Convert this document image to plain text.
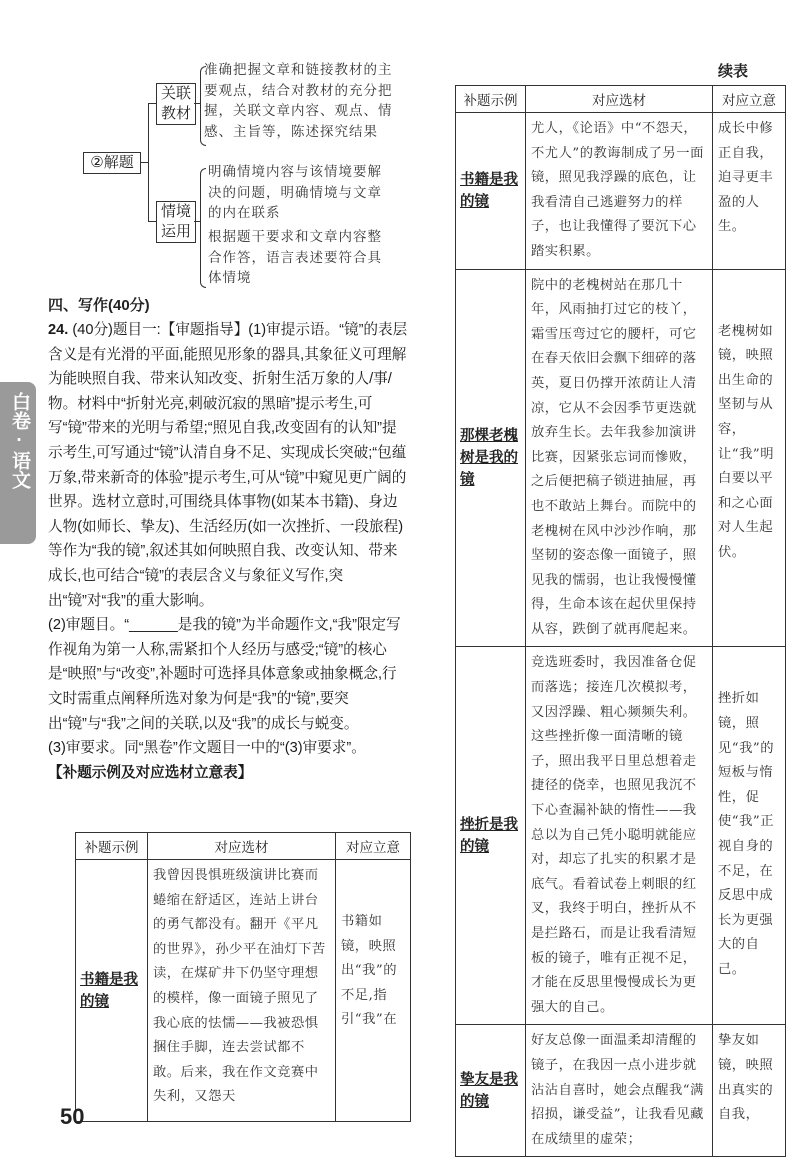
②解题
关联教材
情境运用
准确把握文章和链接教材的主要观点，结合对教材的充分把握，关联文章内容、观点、情感、主旨等，陈述探究结果
明确情境内容与该情境要解决的问题，明确情境与文章的内在联系
根据题干要求和文章内容整合作答，语言表述要符合具体情境
四、写作(40分)

24. (40分)题目一:【审题指导】(1)审提示语。“镜”的表层含义是有光滑的平面,能照见形象的器具,其象征义可理解为能映照自我、带来认知改变、折射生活万象的人/事/物。材料中“折射光亮,刺破沉寂的黑暗”提示考生,可写“镜”带来的光明与希望;“照见自我,改变固有的认知”提示考生,可写通过“镜”认清自身不足、实现成长突破;“包蕴万象,带来新奇的体验”提示考生,可从“镜”中窥见更广阔的世界。选材立意时,可围绕具体事物(如某本书籍)、身边人物(如师长、挚友)、生活经历(如一次挫折、一段旅程)等作为“我的镜”,叙述其如何映照自我、改变认知、带来成长,也可结合“镜”的表层含义与象征义写作,突出“镜”对“我”的重大影响。

(2)审题目。“______是我的镜”为半命题作文,“我”限定写作视角为第一人称,需紧扣个人经历与感受;“镜”的核心是“映照”与“改变”,补题时可选择具体意象或抽象概念,行文时需重点阐释所选对象为何是“我”的“镜”,要突出“镜”与“我”之间的关联,以及“我”的成长与蜕变。

(3)审要求。同“黑卷”作文题目一中的“(3)审要求”。

【补题示例及对应选材立意表】

白卷·语文
补题示例	对应选材	对应立意
书籍是我的镜	我曾因畏惧班级演讲比赛而蜷缩在舒适区，连站上讲台的勇气都没有。翻开《平凡的世界》，孙少平在油灯下苦读，在煤矿井下仍坚守理想的模样，像一面镜子照见了我心底的怯懦——我被恐惧捆住手脚，连去尝试都不敢。后来，我在作文竞赛中失利，又怨天	书籍如镜，映照出“我”的不足,指引“我”在
续表
补题示例	对应选材	对应立意
书籍是我的镜	尤人，《论语》中“不怨天，不尤人”的教诲制成了另一面镜，照见我浮躁的底色，让我看清自己逃避努力的样子，也让我懂得了要沉下心踏实积累。	成长中修正自我，迫寻更丰盈的人生。
那棵老槐树是我的镜	院中的老槐树站在那几十年，风雨抽打过它的枝丫，霜雪压弯过它的腰杆，可它在春天依旧会飘下细碎的落英，夏日仍撑开浓荫让人清凉，它从不会因季节更迭就放弃生长。去年我参加演讲比赛，因紧张忘词而慘败，之后便把稿子锁进抽屉，再也不敢站上舞台。而院中的老槐树在风中沙沙作响，那坚韧的姿态像一面镜子，照见我的懦弱，也让我慢慢懂得，生命本该在起伏里保持从容，跌倒了就再爬起来。	老槐树如镜，映照出生命的坚韧与从容，让“我”明白要以平和之心面对人生起伏。
挫折是我的镜	竞选班委时，我因准备仓促而落选；接连几次模拟考，又因浮躁、粗心频频失利。这些挫折像一面清晰的镜子，照出我平日里总想着走捷径的侥幸，也照见我沉不下心查漏补缺的惰性——我总以为自己凭小聪明就能应对，却忘了扎实的积累才是底气。看着试卷上刺眼的红叉，我终于明白，挫折从不是拦路石，而是让我看清短板的镜子，唯有正视不足，才能在反思里慢慢成长为更强大的自己。	挫折如镜，照见“我”的短板与惰性，促使“我”正视自身的不足，在反思中成长为更强大的自己。
挚友是我的镜	好友总像一面温柔却清醒的镜子，在我因一点小进步就沾沾自喜时，她会点醒我“满招损，谦受益”，让我看见藏在成绩里的虚荣；	挚友如镜，映照出真实的自我，
50
